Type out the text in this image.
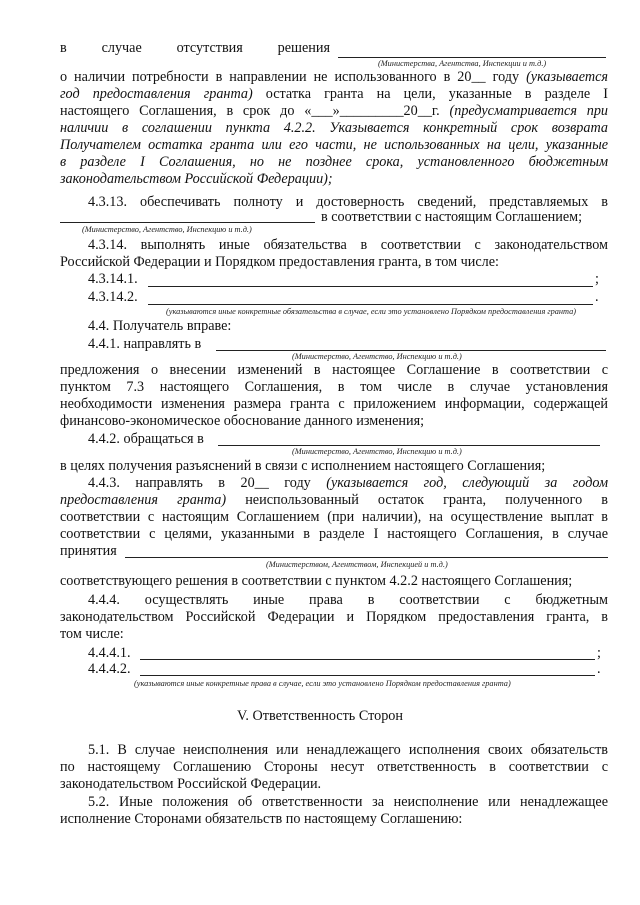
в случае отсутствия решения
(Министерства, Агентства, Инспекции и т.д.)
о наличии потребности в направлении не использованного в 20__ году (указывается
год предоставления гранта) остатка гранта на цели, указанные в разделе I
настоящего Соглашения, в срок до «___»_________20__г. (предусматривается при
наличии в соглашении пункта 4.2.2. Указывается конкретный срок возврата
Получателем остатка гранта или его части, не использованных на цели, указанные
в разделе I Соглашения, но не позднее срока, установленного бюджетным
законодательством Российской Федерации);
4.3.13. обеспечивать полноту и достоверность сведений, представляемых в
в соответствии с настоящим Соглашением;
(Министерство, Агентство, Инспекцию и т.д.)
4.3.14. выполнять иные обязательства в соответствии с законодательством
Российской Федерации и Порядком предоставления гранта, в том числе:
4.3.14.1.	;
4.3.14.2.	.
(указываются иные конкретные обязательства в случае, если это установлено Порядком предоставления гранта)
4.4. Получатель вправе:
4.4.1. направлять в
(Министерство, Агентство, Инспекцию и т.д.)
предложения о внесении изменений в настоящее Соглашение в соответствии с
пунктом 7.3 настоящего Соглашения, в том числе в случае установления
необходимости изменения размера гранта с приложением информации, содержащей
финансово-экономическое обоснование данного изменения;
4.4.2. обращаться в
(Министерство, Агентство, Инспекцию и т.д.)
в целях получения разъяснений в связи с исполнением настоящего Соглашения;
4.4.3. направлять в 20__ году (указывается год, следующий за годом
предоставления гранта) неиспользованный остаток гранта, полученного в
соответствии с настоящим Соглашением (при наличии), на осуществление выплат в
соответствии с целями, указанными в разделе I настоящего Соглашения, в случае
принятия
(Министерством, Агентством, Инспекцией и т.д.)
соответствующего решения в соответствии с пунктом 4.2.2 настоящего Соглашения;
4.4.4. осуществлять иные права в соответствии с бюджетным
законодательством Российской Федерации и Порядком предоставления гранта, в
том числе:
4.4.4.1.	;
4.4.4.2.	.
(указываются иные конкретные права в случае, если это установлено Порядком предоставления гранта)
V. Ответственность Сторон
5.1. В случае неисполнения или ненадлежащего исполнения своих обязательств
по настоящему Соглашению Стороны несут ответственность в соответствии с
законодательством Российской Федерации.
5.2. Иные положения об ответственности за неисполнение или ненадлежащее
исполнение Сторонами обязательств по настоящему Соглашению:
